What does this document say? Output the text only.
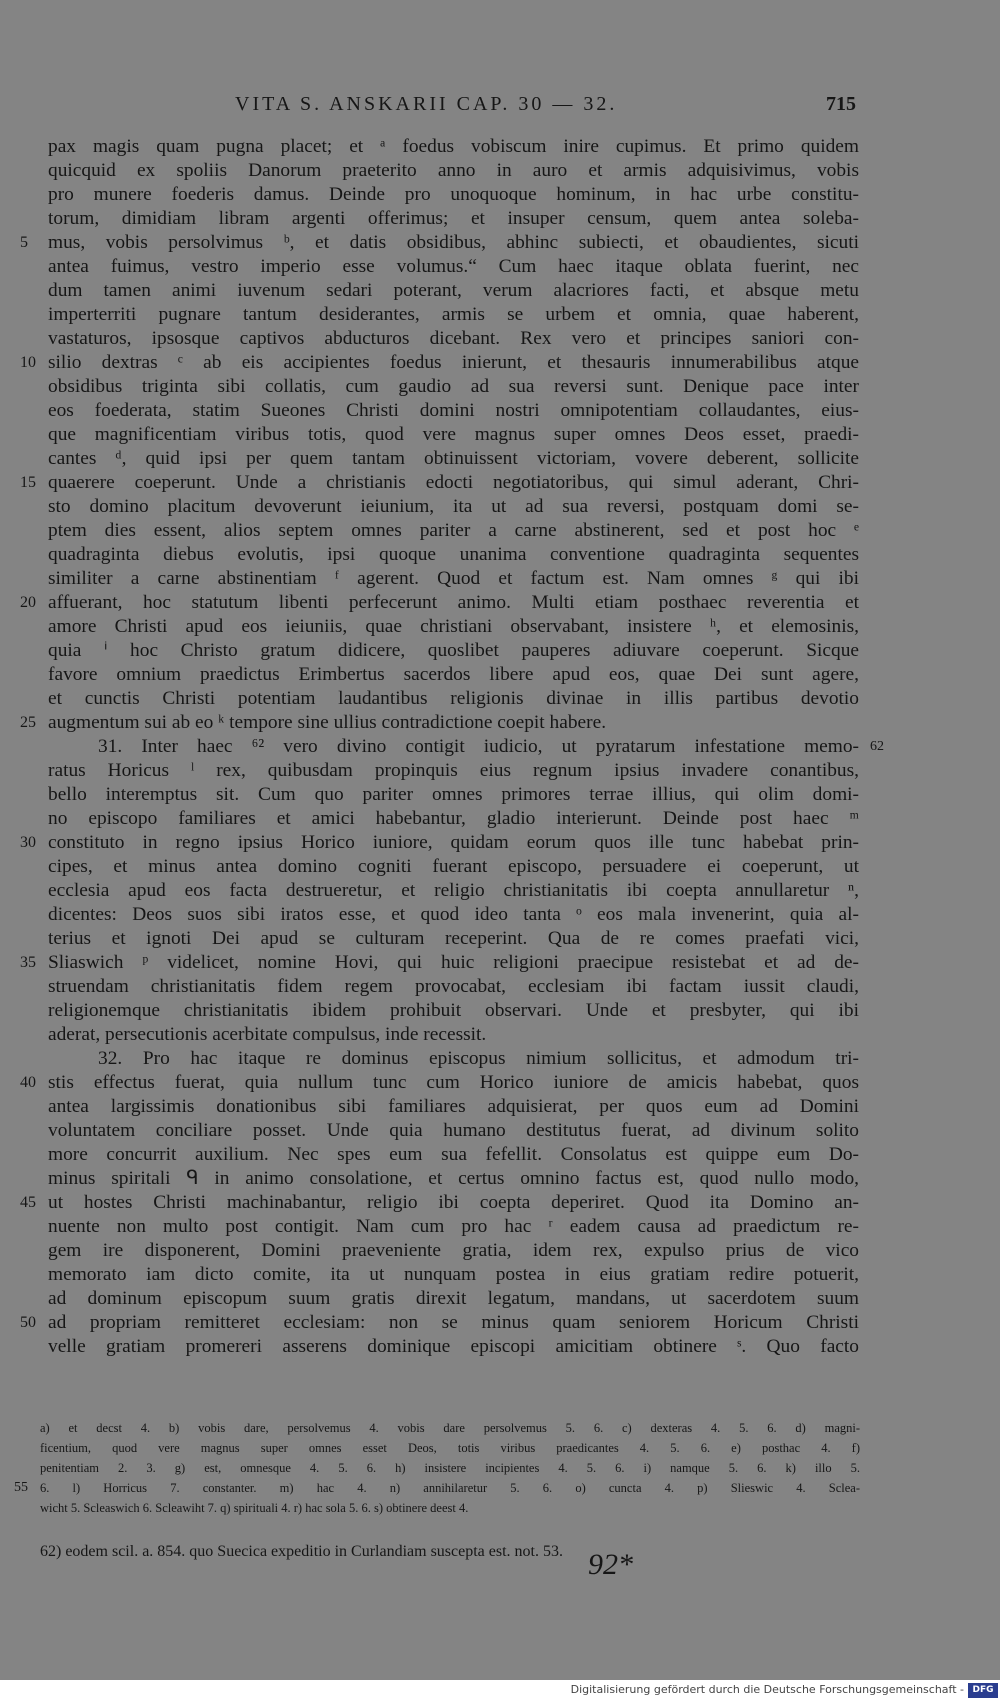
VITA S. ANSKARII CAP. 30 — 32.	715
pax magis quam pugna placet; et ᵃ foedus vobiscum inire cupimus. Et primo quidem
quicquid ex spoliis Danorum praeterito anno in auro et armis adquisivimus, vobis
pro munere foederis damus. Deinde pro unoquoque hominum, in hac urbe constitu-
torum, dimidiam libram argenti offerimus; et insuper censum, quem antea soleba-
mus, vobis persolvimus ᵇ, et datis obsidibus, abhinc subiecti, et obaudientes, sicuti
antea fuimus, vestro imperio esse volumus.“ Cum haec itaque oblata fuerint, nec
dum tamen animi iuvenum sedari poterant, verum alacriores facti, et absque metu
imperterriti pugnare tantum desiderantes, armis se urbem et omnia, quae haberent,
vastaturos, ipsosque captivos abducturos dicebant. Rex vero et principes saniori con-
silio dextras ᶜ ab eis accipientes foedus inierunt, et thesauris innumerabilibus atque
obsidibus triginta sibi collatis, cum gaudio ad sua reversi sunt. Denique pace inter
eos foederata, statim Sueones Christi domini nostri omnipotentiam collaudantes, eius-
que magnificentiam viribus totis, quod vere magnus super omnes Deos esset, praedi-
cantes ᵈ, quid ipsi per quem tantam obtinuissent victoriam, vovere deberent, sollicite
quaerere coeperunt. Unde a christianis edocti negotiatoribus, qui simul aderant, Chri-
sto domino placitum devoverunt ieiunium, ita ut ad sua reversi, postquam domi se-
ptem dies essent, alios septem omnes pariter a carne abstinerent, sed et post hoc ᵉ
quadraginta diebus evolutis, ipsi quoque unanima conventione quadraginta sequentes
similiter a carne abstinentiam ᶠ agerent. Quod et factum est. Nam omnes ᵍ qui ibi
affuerant, hoc statutum libenti perfecerunt animo. Multi etiam posthaec reverentia et
amore Christi apud eos ieiuniis, quae christiani observabant, insistere ʰ, et elemosinis,
quia ⁱ hoc Christo gratum didicere, quoslibet pauperes adiuvare coeperunt. Sicque
favore omnium praedictus Erimbertus sacerdos libere apud eos, quae Dei sunt agere,
et cunctis Christi potentiam laudantibus religionis divinae in illis partibus devotio
augmentum sui ab eo ᵏ tempore sine ullius contradictione coepit habere.
31. Inter haec ⁶² vero divino contigit iudicio, ut pyratarum infestatione memo-
ratus Horicus ˡ rex, quibusdam propinquis eius regnum ipsius invadere conantibus,
bello interemptus sit. Cum quo pariter omnes primores terrae illius, qui olim domi-
no episcopo familiares et amici habebantur, gladio interierunt. Deinde post haec ᵐ
constituto in regno ipsius Horico iuniore, quidam eorum quos ille tunc habebat prin-
cipes, et minus antea domino cogniti fuerant episcopo, persuadere ei coeperunt, ut
ecclesia apud eos facta destrueretur, et religio christianitatis ibi coepta annullaretur ⁿ,
dicentes: Deos suos sibi iratos esse, et quod ideo tanta ᵒ eos mala invenerint, quia al-
terius et ignoti Dei apud se culturam receperint. Qua de re comes praefati vici,
Sliaswich ᵖ videlicet, nomine Hovi, qui huic religioni praecipue resistebat et ad de-
struendam christianitatis fidem regem provocabat, ecclesiam ibi factam iussit claudi,
religionemque christianitatis ibidem prohibuit observari. Unde et presbyter, qui ibi
aderat, persecutionis acerbitate compulsus, inde recessit.
32. Pro hac itaque re dominus episcopus nimium sollicitus, et admodum tri-
stis effectus fuerat, quia nullum tunc cum Horico iuniore de amicis habebat, quos
antea largissimis donationibus sibi familiares adquisierat, per quos eum ad Domini
voluntatem conciliare posset. Unde quia humano destitutus fuerat, ad divinum solito
more concurrit auxilium. Nec spes eum sua fefellit. Consolatus est quippe eum Do-
minus spiritali ᑫ in animo consolatione, et certus omnino factus est, quod nullo modo,
ut hostes Christi machinabantur, religio ibi coepta deperiret. Quod ita Domino an-
nuente non multo post contigit. Nam cum pro hac ʳ eadem causa ad praedictum re-
gem ire disponerent, Domini praeveniente gratia, idem rex, expulso prius de vico
memorato iam dicto comite, ita ut nunquam postea in eius gratiam redire potuerit,
ad dominum episcopum suum gratis direxit legatum, mandans, ut sacerdotem suum
ad propriam remitteret ecclesiam: non se minus quam seniorem Horicum Christi
velle gratiam promereri asserens dominique episcopi amicitiam obtinere ˢ. Quo facto
5
10
15
20
25
30
35
40
45
50
62
a) et decst 4. b) vobis dare, persolvemus 4. vobis dare persolvemus 5. 6. c) dexteras 4. 5. 6. d) magni-
ficentium, quod vere magnus super omnes esset Deos, totis viribus praedicantes 4. 5. 6. e) posthac 4. f)
penitentiam 2. 3. g) est, omnesque 4. 5. 6. h) insistere incipientes 4. 5. 6. i) namque 5. 6. k) illo 5.
6. l) Horricus 7. constanter. m) hac 4. n) annihilaretur 5. 6. o) cuncta 4. p) Slieswic 4. Sclea-
wicht 5. Scleaswich 6. Scleawiht 7. q) spirituali 4. r) hac sola 5. 6. s) obtinere deest 4.
55
62) eodem scil. a. 854. quo Suecica expeditio in Curlandiam suscepta est. not. 53. 92*
Digitalisierung gefördert durch die Deutsche Forschungsgemeinschaft - DFG
